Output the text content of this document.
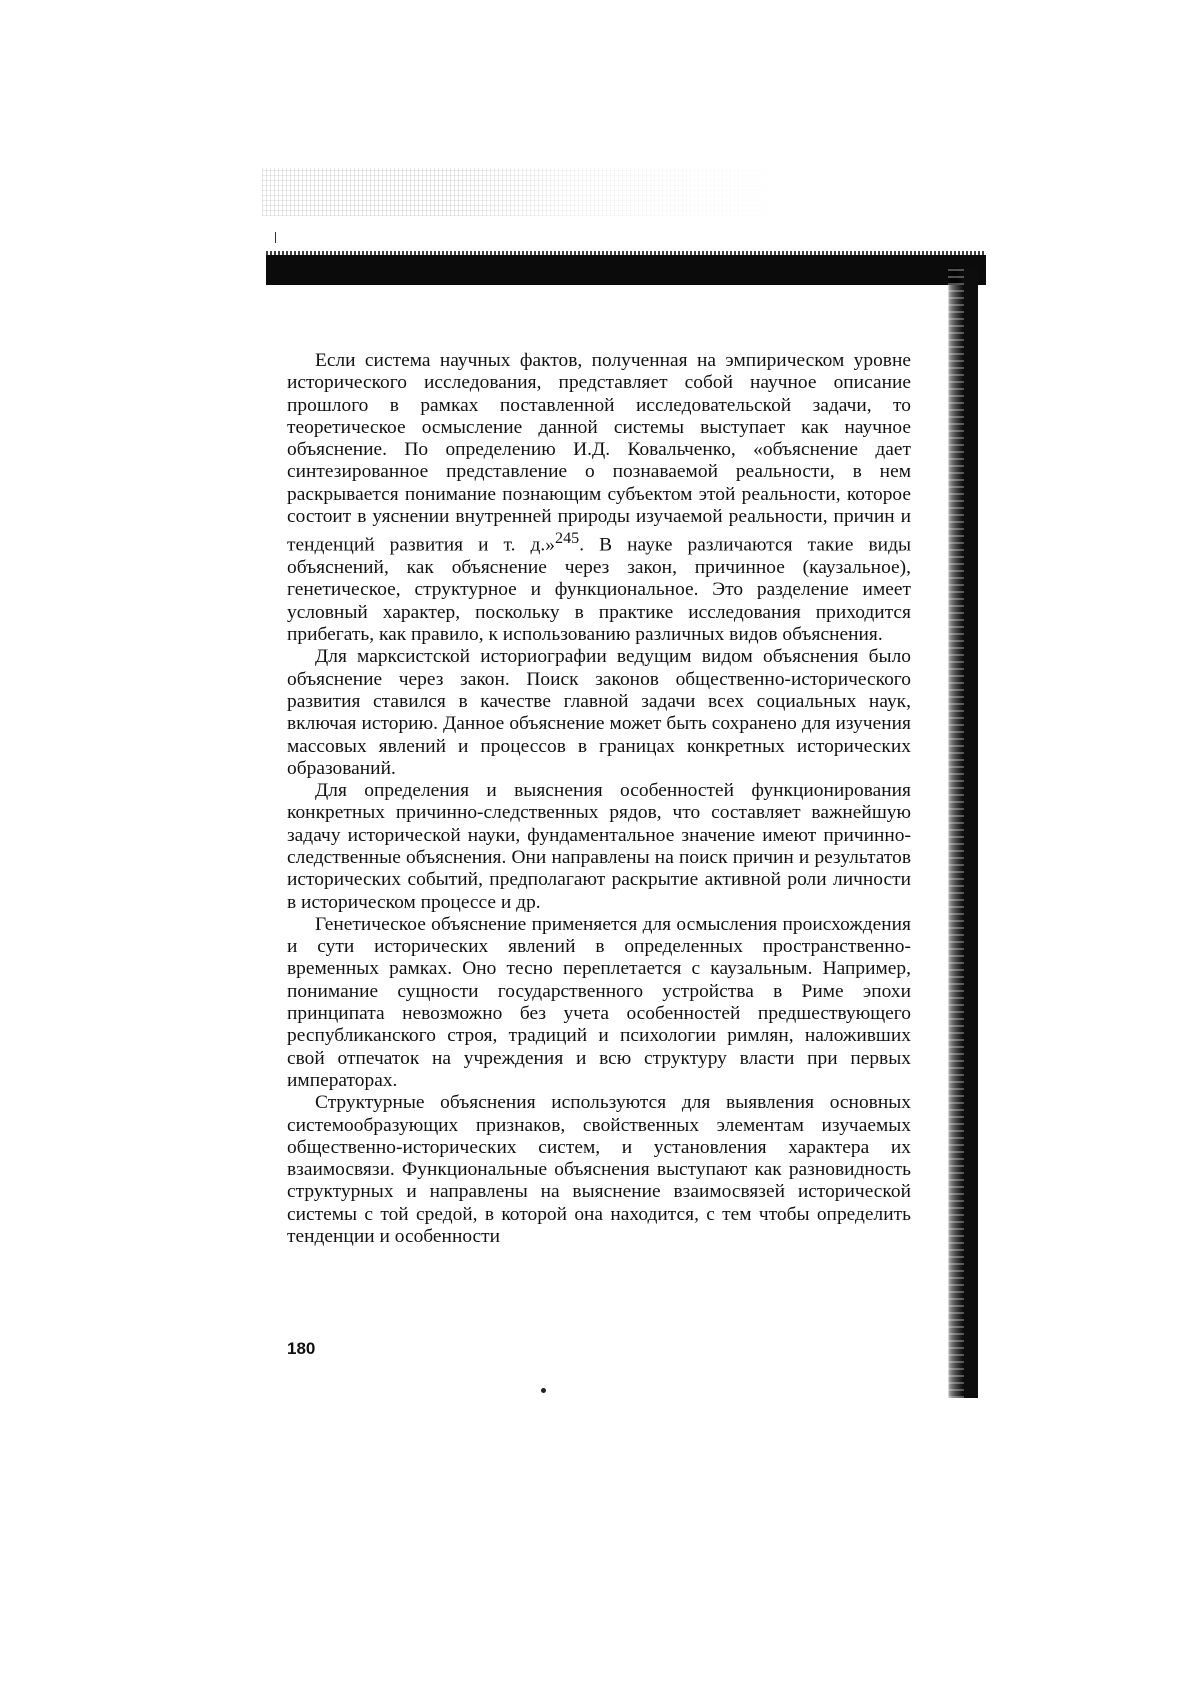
Если система научных фактов, полученная на эмпирическом уровне исторического исследования, представляет собой научное описание прошлого в рамках поставленной исследовательской задачи, то теоретическое осмысление данной системы выступает как научное объяснение. По определению И.Д. Ковальченко, «объяснение дает синтезированное представление о познаваемой реальности, в нем раскрывается понимание познающим субъектом этой реальности, которое состоит в уяснении внутренней природы изучаемой реальности, причин и тенденций развития и т. д.»$^{245}$. В науке различаются такие виды объяснений, как объяснение через закон, причинное (каузальное), генетическое, структурное и функциональное. Это разделение имеет условный характер, поскольку в практике исследования приходится прибегать, как правило, к использованию различных видов объяснения.

Для марксистской историографии ведущим видом объяснения было объяснение через закон. Поиск законов общественно-исторического развития ставился в качестве главной задачи всех социальных наук, включая историю. Данное объяснение может быть сохранено для изучения массовых явлений и процессов в границах конкретных исторических образований.

Для определения и выяснения особенностей функционирования конкретных причинно-следственных рядов, что составляет важнейшую задачу исторической науки, фундаментальное значение имеют причинно-следственные объяснения. Они направлены на поиск причин и результатов исторических событий, предполагают раскрытие активной роли личности в историческом процессе и др.

Генетическое объяснение применяется для осмысления происхождения и сути исторических явлений в определенных пространственно-временных рамках. Оно тесно переплетается с каузальным. Например, понимание сущности государственного устройства в Риме эпохи принципата невозможно без учета особенностей предшествующего республиканского строя, традиций и психологии римлян, наложивших свой отпечаток на учреждения и всю структуру власти при первых императорах.

Структурные объяснения используются для выявления основных системообразующих признаков, свойственных элементам изучаемых общественно-исторических систем, и установления характера их взаимосвязи. Функциональные объяснения выступают как разновидность структурных и направлены на выяснение взаимосвязей исторической системы с той средой, в которой она находится, с тем чтобы определить тенденции и особенности

180
